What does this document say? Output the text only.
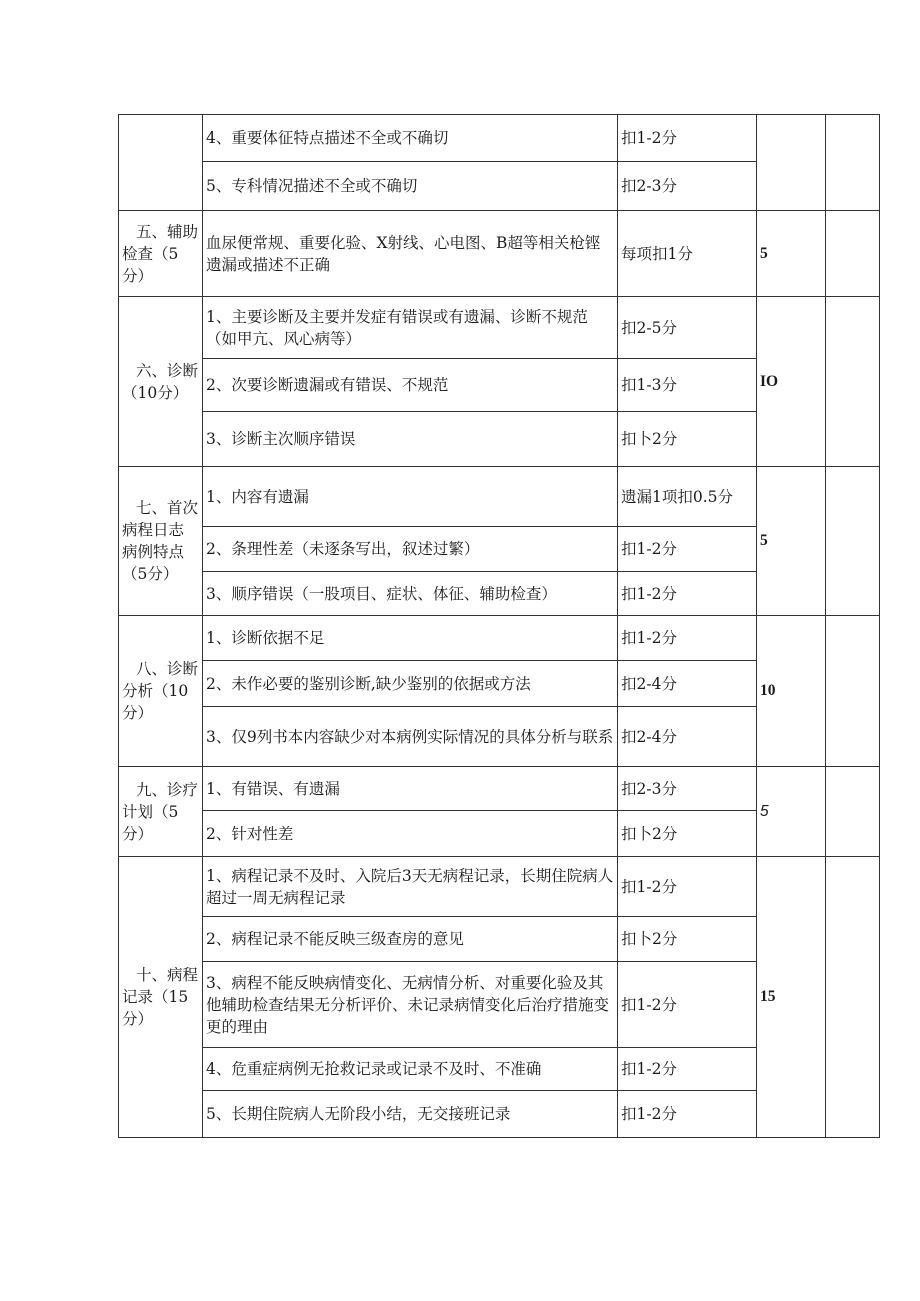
	4、重要体征特点描述不全或不确切	扣1-2分		
	5、专科情况描述不全或不确切	扣2-3分		

五、辅助检查（5分）	血尿便常规、重要化验、X射线、心电图、B超等相关枪铿遗漏或描述不正确	每项扣1分	5	

六、诊断（10分）	1、主要诊断及主要并发症有错误或有遗漏、诊断不规范（如甲亢、风心病等）	扣2-5分	IO	
	2、次要诊断遗漏或有错误、不规范	扣1-3分		
	3、诊断主次顺序错误	扣卜2分		

七、首次病程日志病例特点（5分）	1、内容有遗漏	遗漏1项扣0.5分	5	
	2、条理性差（未逐条写出，叙述过繁）	扣1-2分		
	3、顺序错误（一股项目、症状、体征、辅助检查）	扣1-2分		

八、诊断分析（10分）	1、诊断依据不足	扣1-2分	10	
	2、未作必要的鉴别诊断,缺少鉴别的依据或方法	扣2-4分		
	3、仅9列书本内容缺少对本病例实际情况的具体分析与联系	扣2-4分		

九、诊疗计划（5分）	1、有错误、有遗漏	扣2-3分	5	
	2、针对性差	扣卜2分		

十、病程记录（15分）	1、病程记录不及时、入院后3天无病程记录，长期住院病人超过一周无病程记录	扣1-2分	15	
	2、病程记录不能反映三级查房的意见	扣卜2分		
	3、病程不能反映病情变化、无病情分析、对重要化验及其他辅助检查结果无分析评价、未记录病情变化后治疗措施变更的理由	扣1-2分		
	4、危重症病例无抢救记录或记录不及时、不准确	扣1-2分		
	5、长期住院病人无阶段小结，无交接班记录	扣1-2分		
